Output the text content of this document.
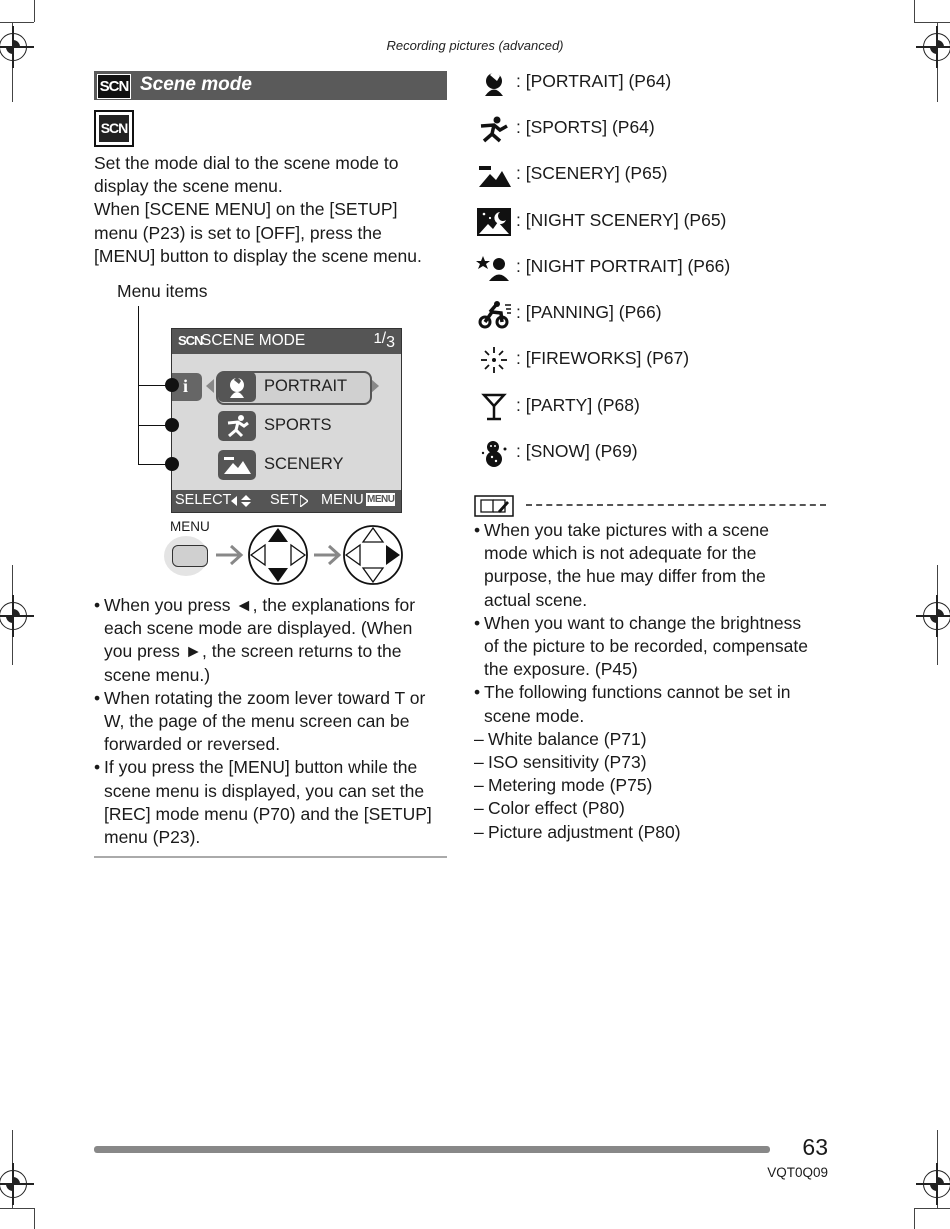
Recording pictures (advanced)
SCN Scene mode
SCN
Set the mode dial to the scene mode to
display the scene menu.
When [SCENE MENU] on the [SETUP]
menu (P23) is set to [OFF], press the
[MENU] button to display the scene menu.
Menu items
SCN
SCENE MODE	1/3
i	PORTRAIT
SPORTS
SCENERY
SELECT	SET MENU MENU
MENU
• When you press ◄, the explanations for
each scene mode are displayed. (When
you press ►, the screen returns to the
scene menu.)
• When rotating the zoom lever toward T or
W, the page of the menu screen can be
forwarded or reversed.
• If you press the [MENU] button while the
scene menu is displayed, you can set the
[REC] mode menu (P70) and the [SETUP]
menu (P23).
: [PORTRAIT] (P64)
: [SPORTS] (P64)
: [SCENERY] (P65)
: [NIGHT SCENERY] (P65)
: [NIGHT PORTRAIT] (P66)
: [PANNING] (P66)
: [FIREWORKS] (P67)
: [PARTY] (P68)
: [SNOW] (P69)
• When you take pictures with a scene
mode which is not adequate for the
purpose, the hue may differ from the
actual scene.
• When you want to change the brightness
of the picture to be recorded, compensate
the exposure. (P45)
• The following functions cannot be set in
scene mode.
– White balance (P71)
– ISO sensitivity (P73)
– Metering mode (P75)
– Color effect (P80)
– Picture adjustment (P80)
63
VQT0Q09
